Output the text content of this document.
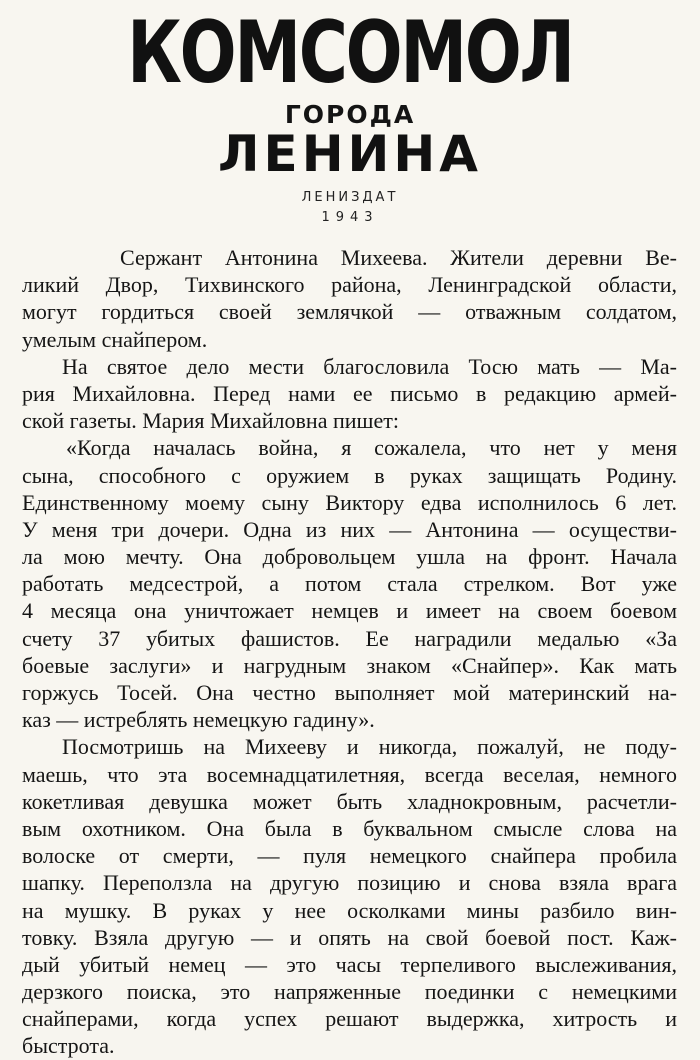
КОМСОМОЛ
ГОРОДА
ЛЕНИНА
ЛЕНИЗДАТ
1943
Сержант Антонина Михеева. Жители деревни Ве-
ликий Двор, Тихвинского района, Ленинградской области,
могут гордиться своей землячкой — отважным солдатом,
умелым снайпером.
На святое дело мести благословила Тосю мать — Ма-
рия Михайловна. Перед нами ее письмо в редакцию армей-
ской газеты. Мария Михайловна пишет:
«Когда началась война, я сожалела, что нет у меня
сына, способного с оружием в руках защищать Родину.
Единственному моему сыну Виктору едва исполнилось 6 лет.
У меня три дочери. Одна из них — Антонина — осуществи-
ла мою мечту. Она добровольцем ушла на фронт. Начала
работать медсестрой, а потом стала стрелком. Вот уже
4 месяца она уничтожает немцев и имеет на своем боевом
счету 37 убитых фашистов. Ее наградили медалью «За
боевые заслуги» и нагрудным знаком «Снайпер». Как мать
горжусь Тосей. Она честно выполняет мой материнский на-
каз — истреблять немецкую гадину».
Посмотришь на Михееву и никогда, пожалуй, не поду-
маешь, что эта восемнадцатилетняя, всегда веселая, немного
кокетливая девушка может быть хладнокровным, расчетли-
вым охотником. Она была в буквальном смысле слова на
волоске от смерти, — пуля немецкого снайпера пробила
шапку. Переползла на другую позицию и снова взяла врага
на мушку. В руках у нее осколками мины разбило вин-
товку. Взяла другую — и опять на свой боевой пост. Каж-
дый убитый немец — это часы терпеливого выслеживания,
дерзкого поиска, это напряженные поединки с немецкими
снайперами, когда успех решают выдержка, хитрость и
быстрота.
